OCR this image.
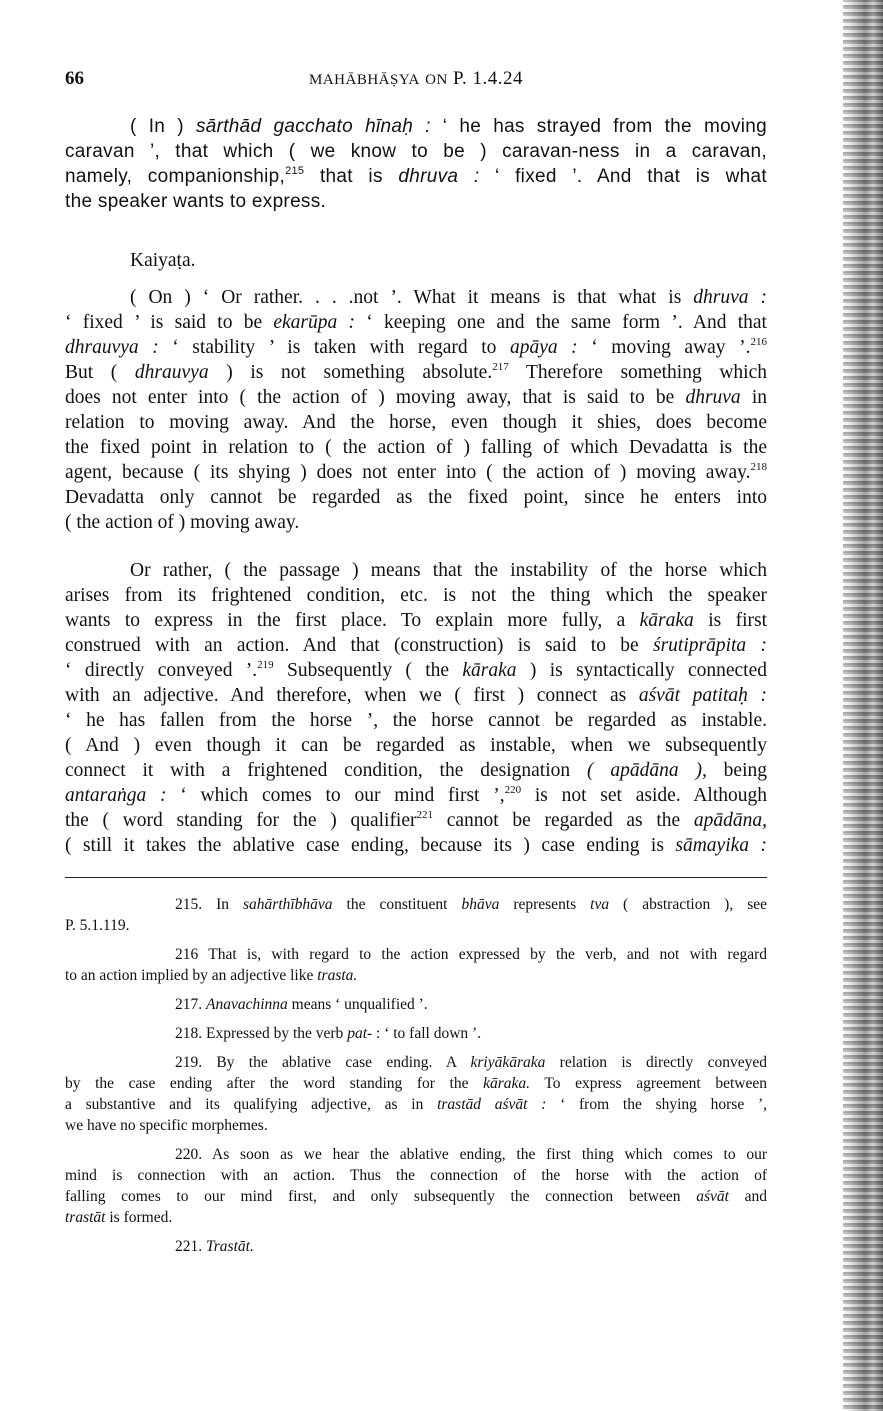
66	MAHĀBHĀṢYA ON P. 1.4.24
( In ) sārthād gacchato hīnaḥ : ‘ he has strayed from the moving
caravan ’, that which ( we know to be ) caravan-ness in a caravan,
namely, companionship,$^{215}$ that is dhruva : ‘ fixed ’. And that is what
the speaker wants to express.
Kaiyaṭa.
( On ) ‘ Or rather. . . .not ’. What it means is that what is dhruva :
‘ fixed ’ is said to be ekarūpa : ‘ keeping one and the same form ’. And that
dhrauvya : ‘ stability ’ is taken with regard to apāya : ‘ moving away ’.$^{216}$
But ( dhrauvya ) is not something absolute.$^{217}$ Therefore something which
does not enter into ( the action of ) moving away, that is said to be dhruva in
relation to moving away. And the horse, even though it shies, does become
the fixed point in relation to ( the action of ) falling of which Devadatta is the
agent, because ( its shying ) does not enter into ( the action of ) moving away.$^{218}$
Devadatta only cannot be regarded as the fixed point, since he enters into
( the action of ) moving away.
Or rather, ( the passage ) means that the instability of the horse which
arises from its frightened condition, etc. is not the thing which the speaker
wants to express in the first place. To explain more fully, a kāraka is first
construed with an action. And that (construction) is said to be śrutiprāpita :
‘ directly conveyed ’.$^{219}$ Subsequently ( the kāraka ) is syntactically connected
with an adjective. And therefore, when we ( first ) connect as aśvāt patitaḥ :
‘ he has fallen from the horse ’, the horse cannot be regarded as instable.
( And ) even though it can be regarded as instable, when we subsequently
connect it with a frightened condition, the designation ( apādāna ), being
antaraṅga : ‘ which comes to our mind first ’,$^{220}$ is not set aside. Although
the ( word standing for the ) qualifier$^{221}$ cannot be regarded as the apādāna,
( still it takes the ablative case ending, because its ) case ending is sāmayika :
215. In sahārthībhāva the constituent bhāva represents tva ( abstraction ), see
P. 5.1.119.
216 That is, with regard to the action expressed by the verb, and not with regard
to an action implied by an adjective like trasta.
217. Anavachinna means ‘ unqualified ’.
218. Expressed by the verb pat- : ‘ to fall down ’.
219. By the ablative case ending. A kriyākāraka relation is directly conveyed
by the case ending after the word standing for the kāraka. To express agreement between
a substantive and its qualifying adjective, as in trastād aśvāt : ‘ from the shying horse ’,
we have no specific morphemes.
220. As soon as we hear the ablative ending, the first thing which comes to our
mind is connection with an action. Thus the connection of the horse with the action of
falling comes to our mind first, and only subsequently the connection between aśvāt and
trastāt is formed.
221. Trastāt.
